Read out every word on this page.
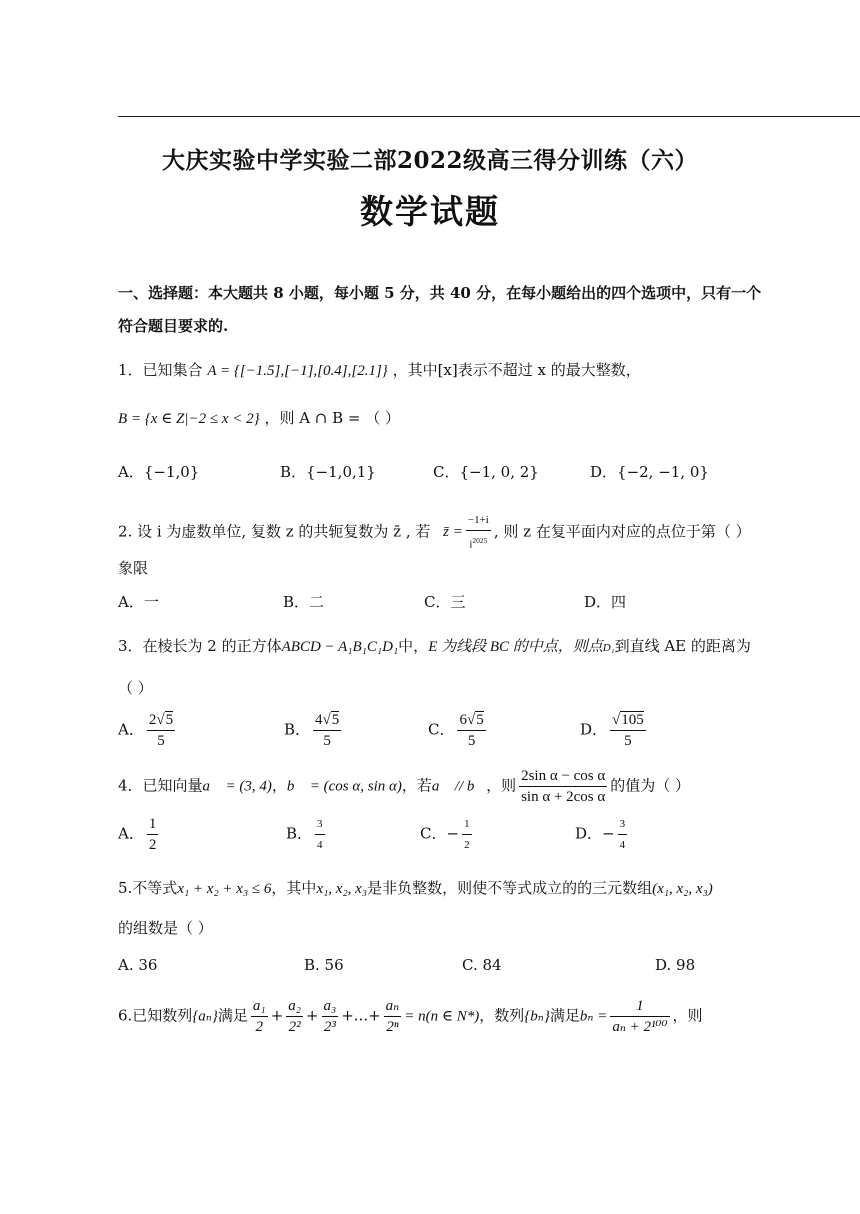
大庆实验中学实验二部2022级高三得分训练（六）
数学试题
一、选择题：本大题共 8 小题，每小题 5 分，共 40 分，在每小题给出的四个选项中，只有一个
符合题目要求的.
1．已知集合 A = {[−1.5],[−1],[0.4],[2.1]} ，其中[x]表示不超过 x 的最大整数，
B = {x ∈ Z|−2 ≤ x < 2} ，则 A ∩ B = （ ）
A．{−1,0}	B．{−1,0,1}	C．{−1, 0, 2}	D．{−2, −1, 0}
2. 设 i 为虚数单位, 复数 z 的共轭复数为 z̄ , 若 z̄ = $\frac{-1+i}{i^{2025}}$ , 则 z 在复平面内对应的点位于第（ ）
象限
A．一	B．二	C．三	D．四
3．在棱长为 2 的正方体ABCD − A₁B₁C₁D₁中，E 为线段 BC 的中点，则点D₁到直线 AE 的距离为
（ ）
A． $\frac{2√5}{5}$	B． $\frac{4√5}{5}$	C． $\frac{6√5}{5}$	D． $\frac{√105}{5}$
4．已知向量a⃗ = (3, 4)，b⃗ = (cos α, sin α)，若a⃗ // b⃗，则 $\frac{\text{2sin α − cos α}}{\text{sin α + 2cos α}}$ 的值为（ ）
A． $\frac{1}{2}$	B． $\frac{3}{4}$	C．− $\frac{1}{2}$	D．− $\frac{3}{4}$
5.不等式x₁ + x₂ + x₃ ≤ 6，其中x₁, x₂, x₃是非负整数，则使不等式成立的的三元数组(x₁, x₂, x₃)
的组数是（ ）
A. 36	B. 56	C. 84	D. 98
6.已知数列{aₙ}满足 $\frac{\text{a₁}}{2} + \frac{\text{a₂}}{\text{2²}} + \frac{\text{a₃}}{\text{2³}}$ +...+ $\frac{\text{aₙ}}{\text{2ⁿ}} = n(n$ ∈ N*)，数列{bₙ}满足$b_n = \frac{1}{\text{aₙ + 2¹⁰⁰}}$ ，则
